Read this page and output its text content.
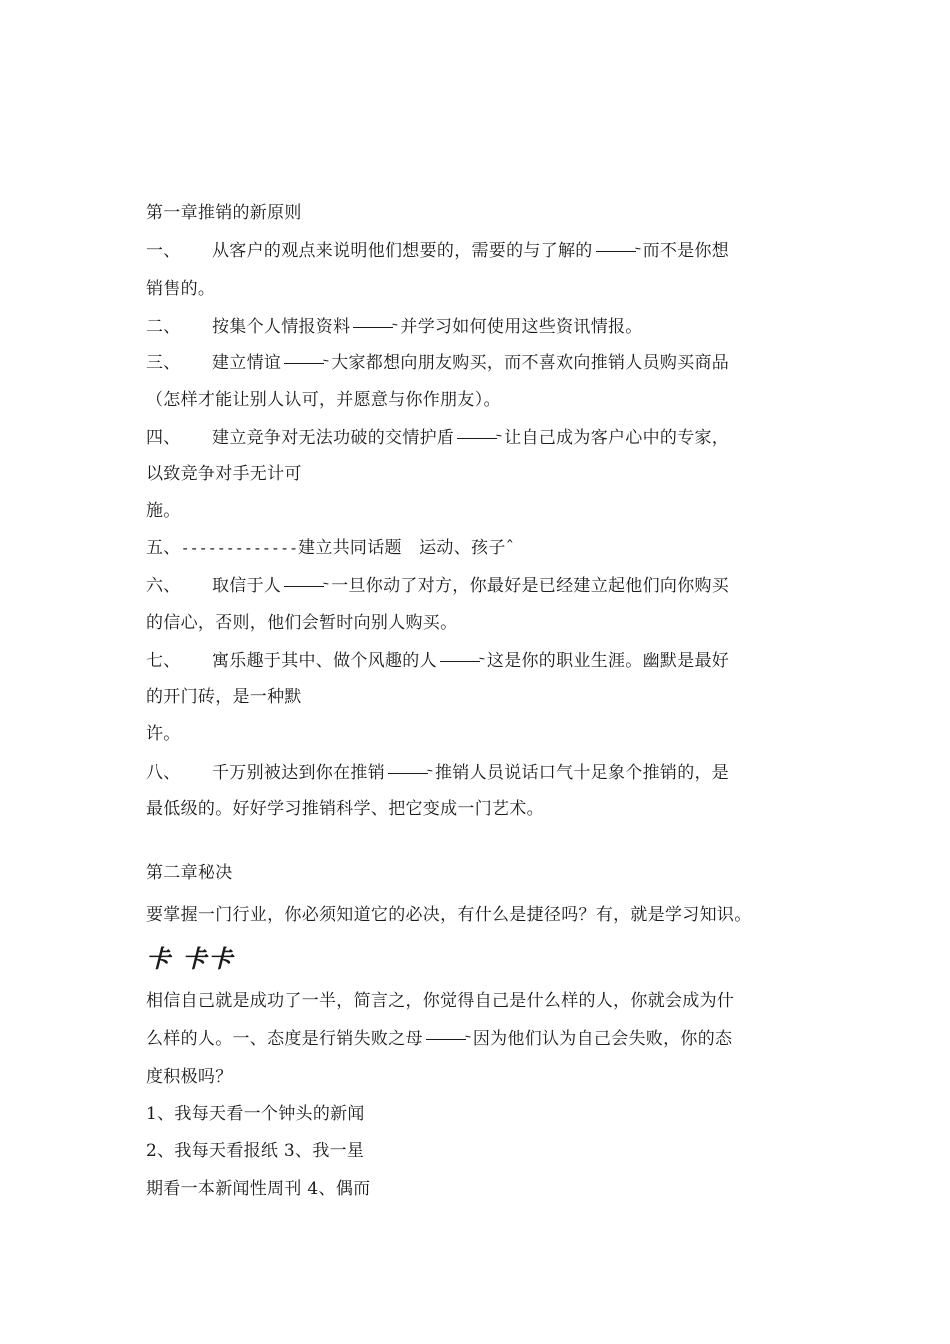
第一章推销的新原则
一、 从客户的观点来说明他们想要的，需要的与了解的	而不是你想
销售的。
二、 按集个人情报资料	并学习如何使用这些资讯情报。
三、 建立情谊	大家都想向朋友购买，而不喜欢向推销人员购买商品
（怎样才能让别人认可，并愿意与你作朋友）。
四、 建立竞争对无法功破的交情护盾	让自己成为客户心中的专家，
以致竞争对手无计可
施。
五、-------------建立共同话题　运动、孩子ˆ
六、 取信于人	一旦你动了对方，你最好是已经建立起他们向你购买
的信心，否则，他们会暂时向别人购买。
七、 寓乐趣于其中、做个风趣的人	这是你的职业生涯。幽默是最好
的开门砖，是一种默
许。
八、 千万别被达到你在推销	推销人员说话口气十足象个推销的，是
最低级的。好好学习推销科学、把它变成一门艺术。
第二章秘决
要掌握一门行业，你必须知道它的必决，有什么是捷径吗？有，就是学习知识。
卡 卡卡
相信自己就是成功了一半，简言之，你觉得自己是什么样的人，你就会成为什
么样的人。一、态度是行销失败之母	因为他们认为自己会失败，你的态
度积极吗？
1、我每天看一个钟头的新闻
2、我每天看报纸 3、我一星
期看一本新闻性周刊 4、偶而
